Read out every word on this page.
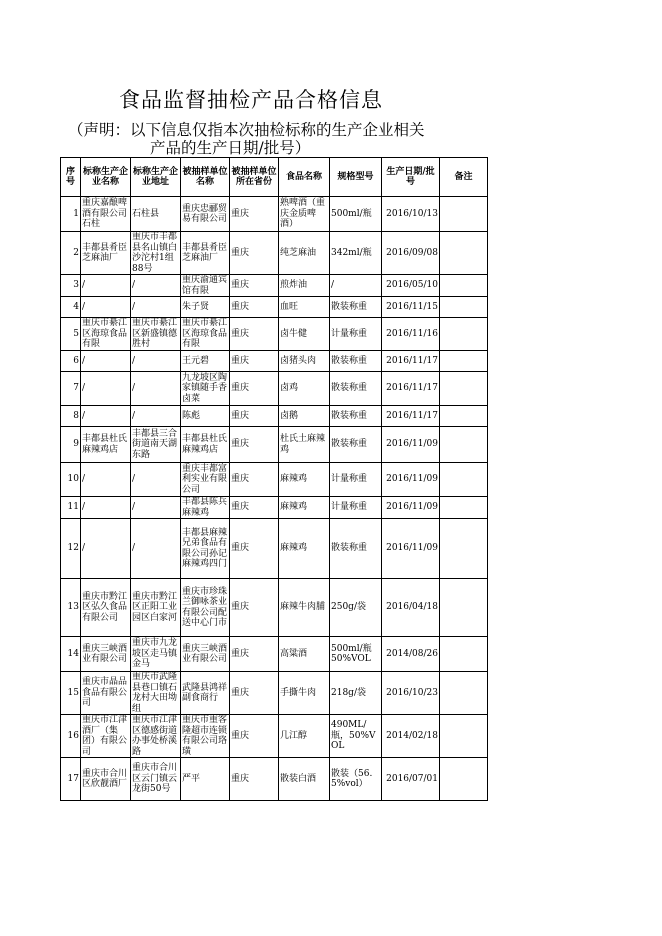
食品监督抽检产品合格信息
（声明：以下信息仅指本次抽检标称的生产企业相关
产品的生产日期/批号）
序号	标称生产企业名称	标称生产企业地址	被抽样单位名称	被抽样单位所在省份	食品名称	规格型号	生产日期/批号	备注
1	重庆嘉酿啤酒有限公司石柱	石柱县	重庆忠郦贸易有限公司	重庆	熟啤酒（重庆金质啤酒）	500ml/瓶	2016/10/13	
2	丰都县肴臣芝麻油厂	重庆市丰都县名山镇白沙沱村1组88号	丰都县肴臣芝麻油厂	重庆	纯芝麻油	342ml/瓶	2016/09/08	
3	/	/	重庆渝通宾馆有限	重庆	煎炸油	/	2016/05/10	
4	/	/	朱子贤	重庆	血旺	散装称重	2016/11/15	
5	重庆市綦江区海琼食品有限	重庆市綦江区新盛镇德胜村	重庆市綦江区海琼食品有限	重庆	卤牛健	计量称重	2016/11/16	
6	/	/	王元碧	重庆	卤猪头肉	散装称重	2016/11/17	
7	/	/	九龙坡区陶家镇随手香卤菜	重庆	卤鸡	散装称重	2016/11/17	
8	/	/	陈彪	重庆	卤鹅	散装称重	2016/11/17	
9	丰都县杜氏麻辣鸡店	丰都县三合街道南天湖东路	丰都县杜氏麻辣鸡店	重庆	杜氏土麻辣鸡	散装称重	2016/11/09	
10	/	/	重庆丰都富利实业有限公司	重庆	麻辣鸡	计量称重	2016/11/09	
11	/	/	丰都县陈兵麻辣鸡	重庆	麻辣鸡	计量称重	2016/11/09	
12	/	/	丰都县麻辣兄弟食品有限公司孙记麻辣鸡四门	重庆	麻辣鸡	散装称重	2016/11/09	
13	重庆市黔江区弘久食品有限公司	重庆市黔江区正阳工业园区白家河	重庆市珍珠兰御咏茶业有限公司配送中心门市	重庆	麻辣牛肉脯	250g/袋	2016/04/18	
14	重庆三峡酒业有限公司	重庆市九龙坡区走马镇金马	重庆三峡酒业有限公司	重庆	高粱酒	500ml/瓶 50%VOL	2014/08/26	
15	重庆市晶品食品有限公司	重庆市武隆县巷口镇石龙村大田坳组	武隆县鸿祥副食商行	重庆	手撕牛肉	218g/袋	2016/10/23	
16	重庆市江津酒厂（集团）有限公司	重庆市江津区德感街道办事处桥溪路	重庆市重客隆超市连锁有限公司珞璜	重庆	几江醇	490ML/瓶，50%VOL	2014/02/18	
17	重庆市合川区欣靓酒厂	重庆市合川区云门镇云龙街50号	严平	重庆	散装白酒	散装（56.5%vol）	2016/07/01	
